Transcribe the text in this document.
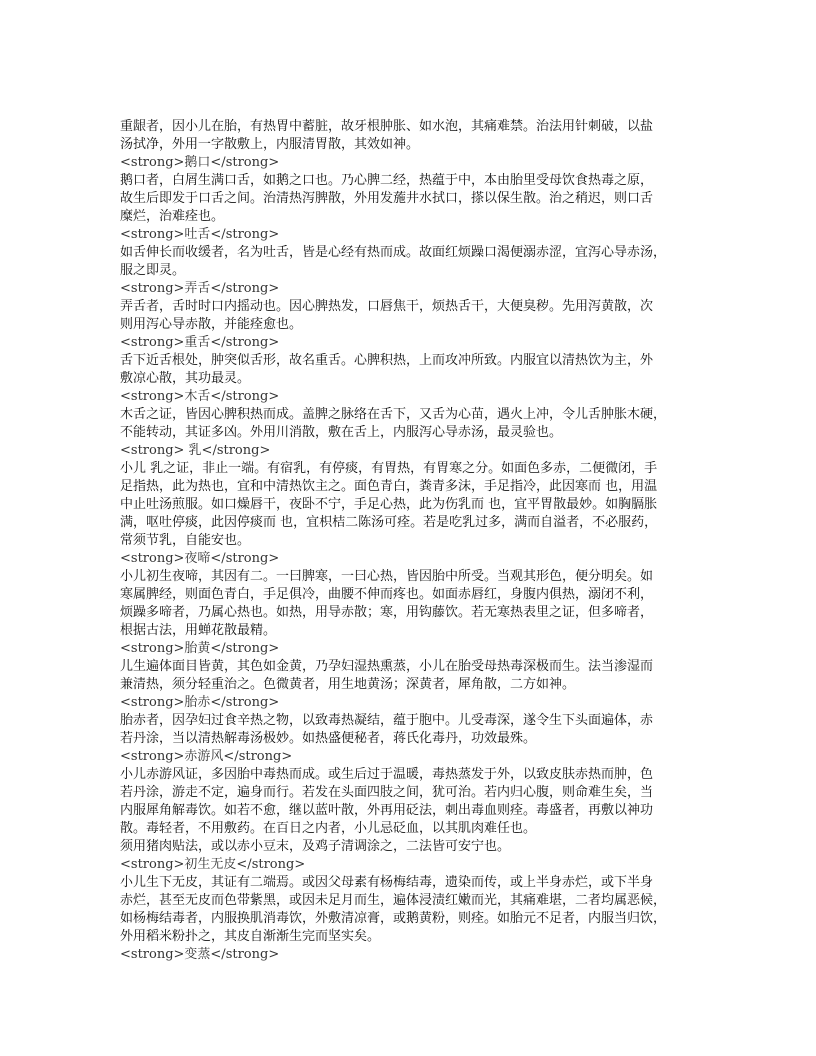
重龈者，因小儿在胎，有热胃中蓄脏，故牙根肿胀、如水泡，其痛难禁。治法用针刺破，以盐
汤拭净，外用一字散敷上，内服清胃散，其效如神。
<strong>鹅口</strong>
鹅口者，白屑生满口舌，如鹅之口也。乃心脾二经，热蕴于中，本由胎里受母饮食热毒之原，
故生后即发于口舌之间。治清热泻脾散，外用发葹井水拭口，搽以保生散。治之稍迟，则口舌
糜烂，治难痊也。
<strong>吐舌</strong>
如舌伸长而收缓者，名为吐舌，皆是心经有热而成。故面红烦躁口渴便溺赤涩，宜泻心导赤汤，
服之即灵。
<strong>弄舌</strong>
弄舌者，舌时时口内摇动也。因心脾热发，口唇焦干，烦热舌干，大便臭秽。先用泻黄散，次
则用泻心导赤散，并能痊愈也。
<strong>重舌</strong>
舌下近舌根处，肿突似舌形，故名重舌。心脾积热，上而攻冲所致。内服宜以清热饮为主，外
敷凉心散，其功最灵。
<strong>木舌</strong>
木舌之证，皆因心脾积热而成。盖脾之脉络在舌下，又舌为心苗，遇火上冲，令儿舌肿胀木硬，
不能转动，其证多凶。外用川消散，敷在舌上，内服泻心导赤汤，最灵验也。
<strong> 乳</strong>
小儿 乳之证，非止一端。有宿乳，有停痰，有胃热，有胃寒之分。如面色多赤，二便微闭，手
足指热，此为热也，宜和中清热饮主之。面色青白，粪青多沫，手足指冷，此因寒而 也，用温
中止吐汤煎服。如口燥唇干，夜卧不宁，手足心热，此为伤乳而 也，宜平胃散最妙。如胸膈胀
满，呕吐停痰，此因停痰而 也，宜枳桔二陈汤可痊。若是吃乳过多，满而自溢者，不必服药，
常须节乳，自能安也。
<strong>夜啼</strong>
小儿初生夜啼，其因有二。一曰脾寒，一曰心热，皆因胎中所受。当观其形色，便分明矣。如
寒属脾经，则面色青白，手足俱冷，曲腰不伸而疼也。如面赤唇红，身腹内俱热，溺闭不利，
烦躁多啼者，乃属心热也。如热，用导赤散；寒，用钩藤饮。若无寒热表里之证，但多啼者，
根据古法，用蝉花散最精。
<strong>胎黄</strong>
儿生遍体面目皆黄，其色如金黄，乃孕妇湿热熏蒸，小儿在胎受母热毒深极而生。法当渗湿而
兼清热，须分轻重治之。色微黄者，用生地黄汤；深黄者，犀角散，二方如神。
<strong>胎赤</strong>
胎赤者，因孕妇过食辛热之物，以致毒热凝结，蕴于胞中。儿受毒深，遂令生下头面遍体，赤
若丹涂，当以清热解毒汤极妙。如热盛便秘者，蒋氏化毒丹，功效最殊。
<strong>赤游风</strong>
小儿赤游风证，多因胎中毒热而成。或生后过于温暖，毒热蒸发于外，以致皮肤赤热而肿，色
若丹涂，游走不定，遍身而行。若发在头面四肢之间，犹可治。若内归心腹，则命难生矣，当
内服犀角解毒饮。如若不愈，继以蓝叶散，外再用砭法，刺出毒血则痊。毒盛者，再敷以神功
散。毒轻者，不用敷药。在百日之内者，小儿忌砭血，以其肌肉难任也。
须用猪肉贴法，或以赤小豆末，及鸡子清调涂之，二法皆可安宁也。
<strong>初生无皮</strong>
小儿生下无皮，其证有二端焉。或因父母素有杨梅结毒，遗染而传，或上半身赤烂，或下半身
赤烂，甚至无皮而色带紫黑，或因未足月而生，遍体浸渍红嫩而光，其痛难堪，二者均属恶候，
如杨梅结毒者，内服换肌消毒饮，外敷清凉膏，或鹅黄粉，则痊。如胎元不足者，内服当归饮，
外用稻米粉扑之，其皮自渐渐生完而坚实矣。
<strong>变蒸</strong>
